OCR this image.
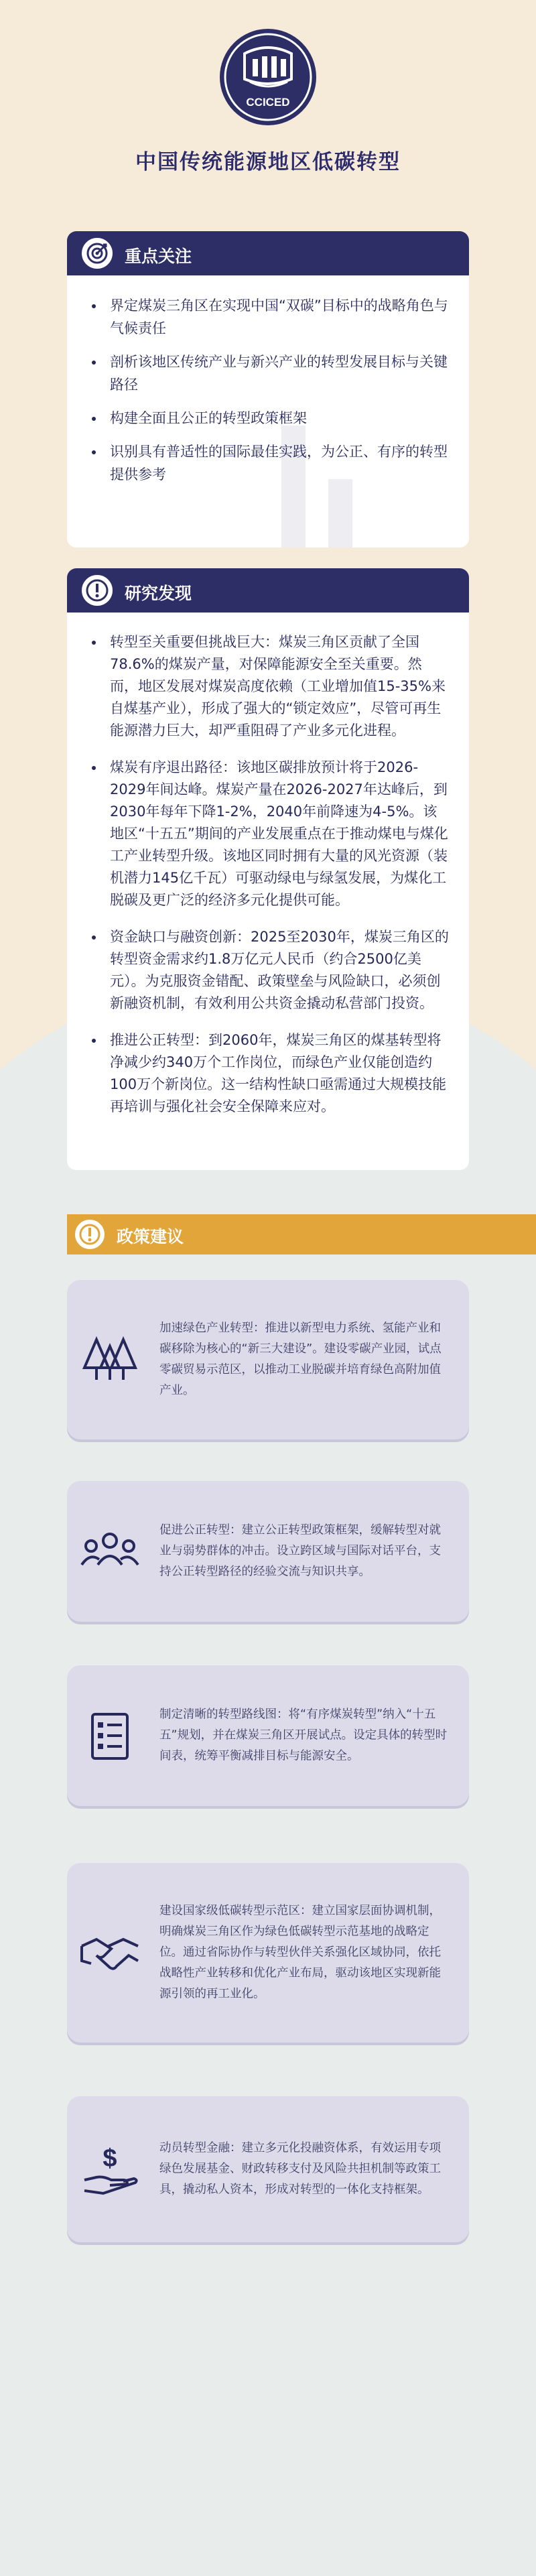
CCICED
中国传统能源地区低碳转型
重点关注
• 界定煤炭三角区在实现中国“双碳”目标中的战略角色与气候责任
• 剖析该地区传统产业与新兴产业的转型发展目标与关键路径
• 构建全面且公正的转型政策框架
• 识别具有普适性的国际最佳实践，为公正、有序的转型提供参考
研究发现
• 转型至关重要但挑战巨大：煤炭三角区贡献了全国78.6%的煤炭产量，对保障能源安全至关重要。然而，地区发展对煤炭高度依赖（工业增加值15-35%来自煤基产业），形成了强大的“锁定效应”，尽管可再生能源潜力巨大，却严重阻碍了产业多元化进程。
• 煤炭有序退出路径：该地区碳排放预计将于2026-2029年间达峰。煤炭产量在2026-2027年达峰后，到2030年每年下降1-2%，2040年前降速为4-5%。该地区“十五五”期间的产业发展重点在于推动煤电与煤化工产业转型升级。该地区同时拥有大量的风光资源（装机潜力145亿千瓦）可驱动绿电与绿氢发展，为煤化工脱碳及更广泛的经济多元化提供可能。
• 资金缺口与融资创新：2025至2030年，煤炭三角区的转型资金需求约1.8万亿元人民币（约合2500亿美元）。为克服资金错配、政策壁垒与风险缺口，必须创新融资机制，有效利用公共资金撬动私营部门投资。
• 推进公正转型：到2060年，煤炭三角区的煤基转型将净减少约340万个工作岗位，而绿色产业仅能创造约100万个新岗位。这一结构性缺口亟需通过大规模技能再培训与强化社会安全保障来应对。
政策建议
加速绿色产业转型：推进以新型电力系统、氢能产业和碳移除为核心的“新三大建设”。建设零碳产业园，试点零碳贸易示范区，以推动工业脱碳并培育绿色高附加值产业。
促进公正转型：建立公正转型政策框架，缓解转型对就业与弱势群体的冲击。设立跨区域与国际对话平台，支持公正转型路径的经验交流与知识共享。
制定清晰的转型路线图：将“有序煤炭转型”纳入“十五五”规划，并在煤炭三角区开展试点。设定具体的转型时间表，统筹平衡减排目标与能源安全。
建设国家级低碳转型示范区：建立国家层面协调机制，明确煤炭三角区作为绿色低碳转型示范基地的战略定位。通过省际协作与转型伙伴关系强化区域协同，依托战略性产业转移和优化产业布局，驱动该地区实现新能源引领的再工业化。
$	动员转型金融：建立多元化投融资体系，有效运用专项绿色发展基金、财政转移支付及风险共担机制等政策工具，撬动私人资本，形成对转型的一体化支持框架。
